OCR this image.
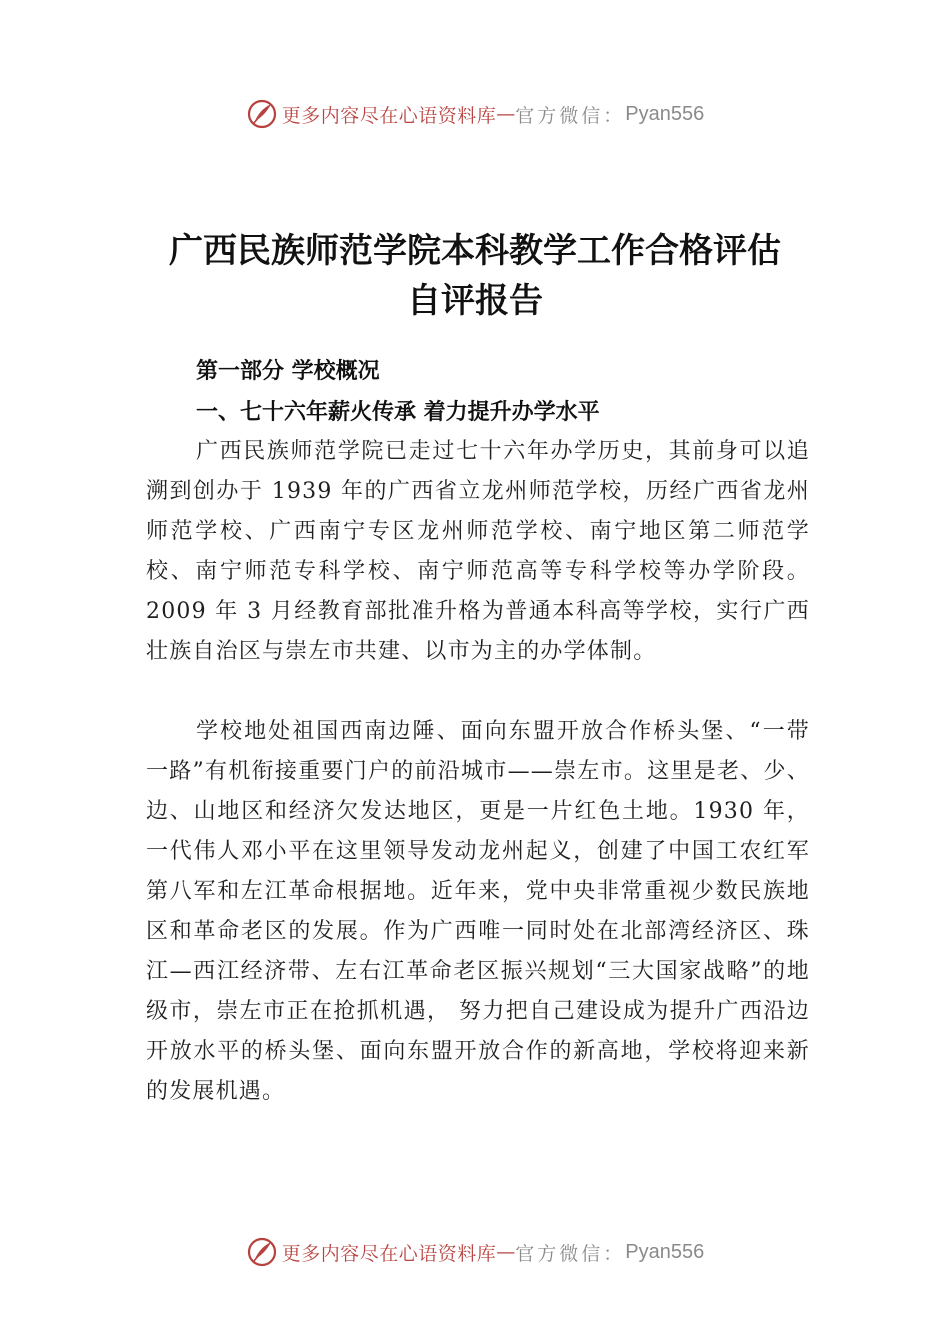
更多内容尽在心语资料库 — 官方微信： Pyan556
广西民族师范学院本科教学工作合格评估
自评报告
第一部分 学校概况
一、七十六年薪火传承 着力提升办学水平

广西民族师范学院已走过七十六年办学历史，其前身可以追溯到创办于 1939 年的广西省立龙州师范学校，历经广西省龙州师范学校、广西南宁专区龙州师范学校、南宁地区第二师范学校、南宁师范专科学校、南宁师范高等专科学校等办学阶段。2009 年 3 月经教育部批准升格为普通本科高等学校，实行广西壮族自治区与崇左市共建、以市为主的办学体制。

学校地处祖国西南边陲、面向东盟开放合作桥头堡、“一带一路”有机衔接重要门户的前沿城市——崇左市。这里是老、少、边、山地区和经济欠发达地区，更是一片红色土地。1930 年，一代伟人邓小平在这里领导发动龙州起义，创建了中国工农红军第八军和左江革命根据地。近年来，党中央非常重视少数民族地区和革命老区的发展。作为广西唯一同时处在北部湾经济区、珠江—西江经济带、左右江革命老区振兴规划“三大国家战略”的地级市，崇左市正在抢抓机遇， 努力把自己建设成为提升广西沿边开放水平的桥头堡、面向东盟开放合作的新高地，学校将迎来新的发展机遇。

更多内容尽在心语资料库 — 官方微信： Pyan556
